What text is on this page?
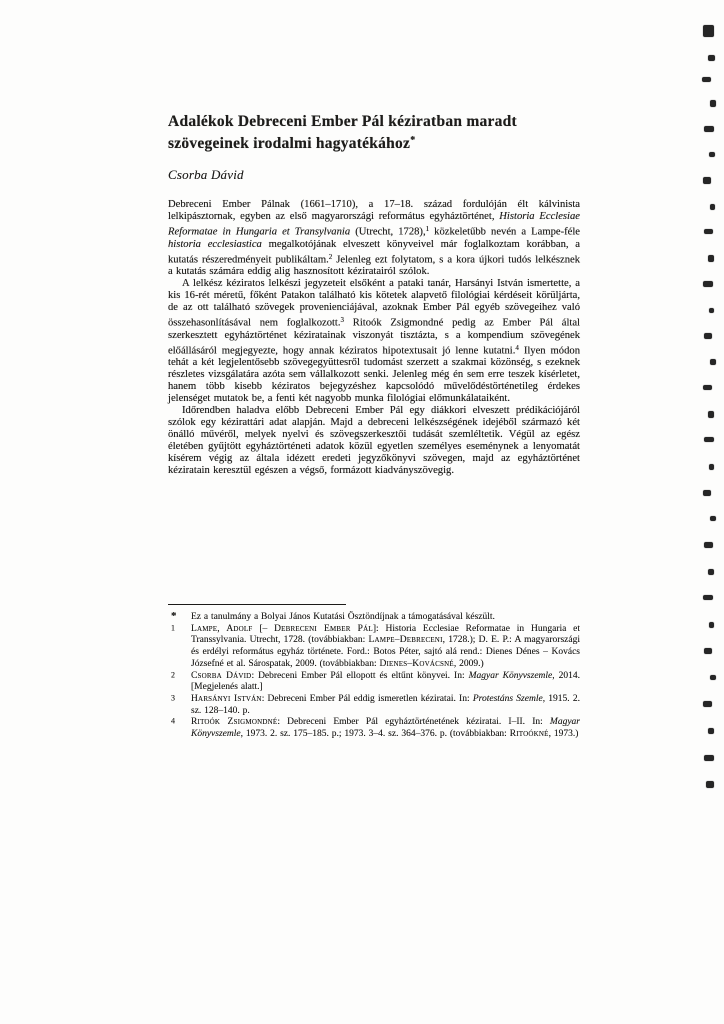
Adalékok Debreceni Ember Pál kéziratban maradt
szövegeinek irodalmi hagyatékához*

Csorba Dávid

Debreceni Ember Pálnak (1661–1710), a 17–18. század fordulóján élt kálvinista lelkipásztornak, egyben az első magyarországi református egyháztörténet, Historia Ecclesiae Reformatae in Hungaria et Transylvania (Utrecht, 1728),$^1$ közkeletűbb nevén a Lampe-féle historia ecclesiastica megalkotójának elveszett könyveivel már foglalkoztam korábban, a kutatás részeredményeit publikáltam.$^2$ Jelenleg ezt folytatom, s a kora újkori tudós lelkésznek a kutatás számára eddig alig hasznosított kéziratairól szólok.

A lelkész kéziratos lelkészi jegyzeteit elsőként a pataki tanár, Harsányi István ismertette, a kis 16-rét méretű, főként Patakon található kis kötetek alapvető filológiai kérdéseit körüljárta, de az ott található szövegek provenienciájával, azoknak Ember Pál egyéb szövegeihez való összehasonlításával nem foglalkozott.$^3$ Ritoók Zsigmondné pedig az Ember Pál által szerkesztett egyháztörténet kéziratainak viszonyát tisztázta, s a kompendium szövegének előállásáról megjegyezte, hogy annak kéziratos hipotextusait jó lenne kutatni.$^4$ Ilyen módon tehát a két legjelentősebb szövegegyüttesről tudomást szerzett a szakmai közönség, s ezeknek részletes vizsgálatára azóta sem vállalkozott senki. Jelenleg még én sem erre teszek kísérletet, hanem több kisebb kéziratos bejegyzéshez kapcsolódó művelődéstörténetileg érdekes jelenséget mutatok be, a fenti két nagyobb munka filológiai előmunkálataiként.

Időrendben haladva előbb Debreceni Ember Pál egy diákkori elveszett prédikációjáról szólok egy kézirattári adat alapján. Majd a debreceni lelkészségének idejéből származó két önálló művéről, melyek nyelvi és szövegszerkesztői tudását szemléltetik. Végül az egész életében gyűjtött egyháztörténeti adatok közül egyetlen személyes eseménynek a lenyomatát kísérem végig az általa idézett eredeti jegyzőkönyvi szövegen, majd az egyháztörténet kéziratain keresztül egészen a végső, formázott kiadványszövegig.

* Ez a tanulmány a Bolyai János Kutatási Ösztöndíjnak a támogatásával készült.
1 Lampe, Adolf [– Debreceni Ember Pál]: Historia Ecclesiae Reformatae in Hungaria et Transsylvania. Utrecht, 1728. (továbbiakban: Lampe–Debreceni, 1728.); D. E. P.: A magyarországi és erdélyi református egyház története. Ford.: Botos Péter, sajtó alá rend.: Dienes Dénes – Kovács Józsefné et al. Sárospatak, 2009. (továbbiakban: Dienes–Kovácsné, 2009.)
2 Csorba Dávid: Debreceni Ember Pál ellopott és eltűnt könyvei. In: Magyar Könyvszemle, 2014. [Megjelenés alatt.]
3 Harsányi István: Debreceni Ember Pál eddig ismeretlen kéziratai. In: Protestáns Szemle, 1915. 2. sz. 128–140. p.
4 Ritoók Zsigmondné: Debreceni Ember Pál egyháztörténetének kéziratai. I–II. In: Magyar Könyvszemle, 1973. 2. sz. 175–185. p.; 1973. 3–4. sz. 364–376. p. (továbbiakban: Ritoókné, 1973.)
